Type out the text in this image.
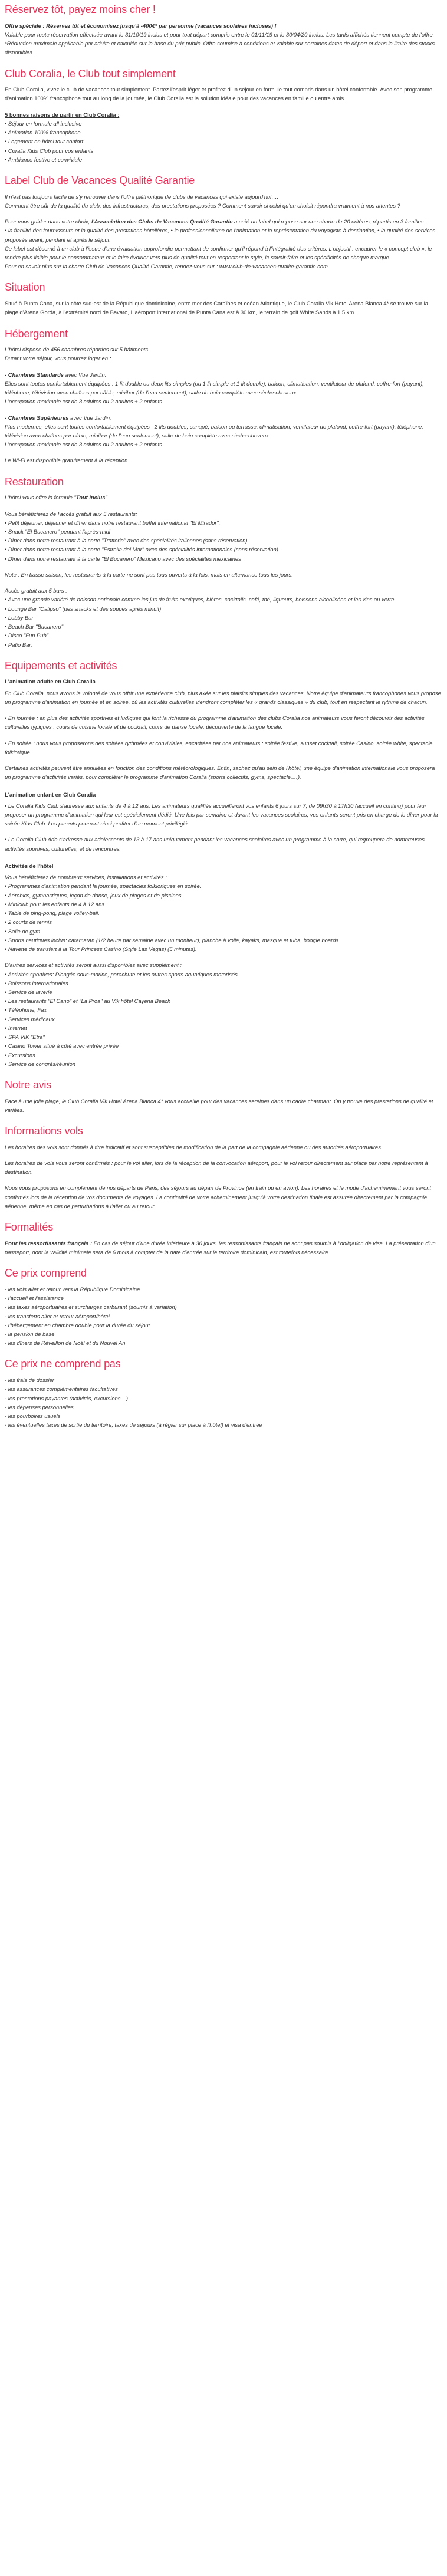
Réservez tôt, payez moins cher !

Offre spéciale : Réservez tôt et économisez jusqu'à -400€* par personne (vacances scolaires incluses) !
Valable pour toute réservation effectuée avant le 31/10/19 inclus et pour tout départ compris entre le 01/11/19 et le 30/04/20 inclus. Les tarifs affichés tiennent compte de l'offre.
*Réduction maximale applicable par adulte et calculée sur la base du prix public. Offre soumise à conditions et valable sur certaines dates de départ et dans la limite des stocks disponibles.

Club Coralia, le Club tout simplement

En Club Coralia, vivez le club de vacances tout simplement. Partez l'esprit léger et profitez d'un séjour en formule tout compris dans un hôtel confortable. Avec son programme d'animation 100% francophone tout au long de la journée, le Club Coralia est la solution idéale pour des vacances en famille ou entre amis.

5 bonnes raisons de partir en Club Coralia :
• Séjour en formule all inclusive
• Animation 100% francophone
• Logement en hôtel tout confort
• Coralia Kids Club pour vos enfants
• Ambiance festive et conviviale
Label Club de Vacances Qualité Garantie

Il n'est pas toujours facile de s'y retrouver dans l'offre pléthorique de clubs de vacances qui existe aujourd'hui….
Comment être sûr de la qualité du club, des infrastructures, des prestations proposées ? Comment savoir si celui qu'on choisit répondra vraiment à nos attentes ?

Pour vous guider dans votre choix, l'Association des Clubs de Vacances Qualité Garantie a créé un label qui repose sur une charte de 20 critères, répartis en 3 familles :
• la fiabilité des fournisseurs et la qualité des prestations hôtelières, • le professionnalisme de l'animation et la représentation du voyagiste à destination, • la qualité des services proposés avant, pendant et après le séjour.
Ce label est décerné à un club à l'issue d'une évaluation approfondie permettant de confirmer qu'il répond à l'intégralité des critères. L'objectif : encadrer le « concept club », le rendre plus lisible pour le consommateur et le faire évoluer vers plus de qualité tout en respectant le style, le savoir-faire et les spécificités de chaque marque.
Pour en savoir plus sur la charte Club de Vacances Qualité Garantie, rendez-vous sur : www.club-de-vacances-qualite-garantie.com

Situation

Situé à Punta Cana, sur la côte sud-est de la République dominicaine, entre mer des Caraïbes et océan Atlantique, le Club Coralia Vik Hotel Arena Blanca 4* se trouve sur la plage d'Arena Gorda, à l'extrémité nord de Bavaro, L'aéroport international de Punta Cana est à 30 km, le terrain de golf White Sands à 1,5 km.

Hébergement

L'hôtel dispose de 456 chambres réparties sur 5 bâtiments.
Durant votre séjour, vous pourrez loger en :

- Chambres Standards avec Vue Jardin.
Elles sont toutes confortablement équipées : 1 lit double ou deux lits simples (ou 1 lit simple et 1 lit double), balcon, climatisation, ventilateur de plafond, coffre-fort (payant), téléphone, télévision avec chaînes par câble, minibar (de l'eau seulement), salle de bain complète avec sèche-cheveux.
L'occupation maximale est de 3 adultes ou 2 adultes + 2 enfants.

- Chambres Supérieures avec Vue Jardin.
Plus modernes, elles sont toutes confortablement équipées : 2 lits doubles, canapé, balcon ou terrasse, climatisation, ventilateur de plafond, coffre-fort (payant), téléphone, télévision avec chaînes par câble, minibar (de l'eau seulement), salle de bain complète avec sèche-cheveux.
L'occupation maximale est de 3 adultes ou 2 adultes + 2 enfants.

Le Wi-Fi est disponible gratuitement à la réception.

Restauration

L'hôtel vous offre la formule "Tout inclus".

Vous bénéficierez de l'accès gratuit aux 5 restaurants:
• Petit déjeuner, déjeuner et dîner dans notre restaurant buffet international "El Mirador".
• Snack "El Bucanero" pendant l'après-midi
• Dîner dans notre restaurant à la carte "Trattoria" avec des spécialités italiennes (sans réservation).
• Dîner dans notre restaurant à la carte "Estrella del Mar" avec des spécialités internationales (sans réservation).
• Dîner dans notre restaurant à la carte "El Bucanero" Mexicano avec des spécialités mexicaines

Note : En basse saison, les restaurants à la carte ne sont pas tous ouverts à la fois, mais en alternance tous les jours.

Accès gratuit aux 5 bars :
• Avec une grande variété de boisson nationale comme les jus de fruits exotiques, bières, cocktails, café, thé, liqueurs, boissons alcoolisées et les vins au verre
• Lounge Bar "Calipso" (des snacks et des soupes après minuit)
• Lobby Bar
• Beach Bar "Bucanero"
• Disco "Fun Pub".
• Patio Bar.
Equipements et activités
L'animation adulte en Club Coralia

En Club Coralia, nous avons la volonté de vous offrir une expérience club, plus axée sur les plaisirs simples des vacances. Notre équipe d'animateurs francophones vous propose un programme d'animation en journée et en soirée, où les activités culturelles viendront compléter les « grands classiques » du club, tout en respectant le rythme de chacun.

• En journée : en plus des activités sportives et ludiques qui font la richesse du programme d'animation des clubs Coralia nos animateurs vous feront découvrir des activités culturelles typiques : cours de cuisine locale et de cocktail, cours de danse locale, découverte de la langue locale.

• En soirée : nous vous proposerons des soirées rythmées et conviviales, encadrées par nos animateurs : soirée festive, sunset cocktail, soirée Casino, soirée white, spectacle folklorique.

Certaines activités peuvent être annulées en fonction des conditions météorologiques. Enfin, sachez qu'au sein de l'hôtel, une équipe d'animation internationale vous proposera un programme d'activités variés, pour compléter le programme d'animation Coralia (sports collectifs, gyms, spectacle,…).

L'animation enfant en Club Coralia

• Le Coralia Kids Club s'adresse aux enfants de 4 à 12 ans. Les animateurs qualifiés accueilleront vos enfants 6 jours sur 7, de 09h30 à 17h30 (accueil en continu) pour leur proposer un programme d'animation qui leur est spécialement dédié. Une fois par semaine et durant les vacances scolaires, vos enfants seront pris en charge de le dîner pour la soirée Kids Club. Les parents pourront ainsi profiter d'un moment privilégié.

• Le Coralia Club Ado s'adresse aux adolescents de 13 à 17 ans uniquement pendant les vacances scolaires avec un programme à la carte, qui regroupera de nombreuses activités sportives, culturelles, et de rencontres.

Activités de l'hôtel
Vous bénéficierez de nombreux services, installations et activités :
• Programmes d'animation pendant la journée, spectacles folkloriques en soirée.
• Aérobics, gymnastiques, leçon de danse, jeux de plages et de piscines.
• Miniclub pour les enfants de 4 à 12 ans
• Table de ping-pong, plage volley-ball.
• 2 courts de tennis
• Salle de gym.
• Sports nautiques inclus: catamaran (1/2 heure par semaine avec un moniteur), planche à voile, kayaks, masque et tuba, boogie boards.
• Navette de transfert à la Tour Princess Casino (Style Las Vegas) (5 minutes).
D'autres services et activités seront aussi disponibles avec supplément :
• Activités sportives: Plongée sous-marine, parachute et les autres sports aquatiques motorisés
• Boissons internationales
• Service de laverie
• Les restaurants "El Cano" et "La Proa" au Vik hôtel Cayena Beach
• Téléphone, Fax
• Services médicaux
• Internet
• SPA VIK "Etra"
• Casino Tower situé à côté avec entrée privée
• Excursions
• Service de congrès/réunion
Notre avis

Face à une jolie plage, le Club Coralia Vik Hotel Arena Blanca 4* vous accueille pour des vacances sereines dans un cadre charmant. On y trouve des prestations de qualité et variées.

Informations vols

Les horaires des vols sont donnés à titre indicatif et sont susceptibles de modification de la part de la compagnie aérienne ou des autorités aéroportuaires.

Les horaires de vols vous seront confirmés : pour le vol aller, lors de la réception de la convocation aéroport, pour le vol retour directement sur place par notre représentant à destination.

Nous vous proposons en complément de nos départs de Paris, des séjours au départ de Province (en train ou en avion). Les horaires et le mode d'acheminement vous seront confirmés lors de la réception de vos documents de voyages. La continuité de votre acheminement jusqu'à votre destination finale est assurée directement par la compagnie aérienne, même en cas de perturbations à l'aller ou au retour.

Formalités

Pour les ressortissants français : En cas de séjour d'une durée inférieure à 30 jours, les ressortissants français ne sont pas soumis à l'obligation de visa. La présentation d'un passeport, dont la validité minimale sera de 6 mois à compter de la date d'entrée sur le territoire dominicain, est toutefois nécessaire.

Ce prix comprend
- les vols aller et retour vers la République Dominicaine
- l'accueil et l'assistance
- les taxes aéroportuaires et surcharges carburant (soumis à variation)
- les transferts aller et retour aéroport/hôtel
- l'hébergement en chambre double pour la durée du séjour
- la pension de base
- les dîners de Réveillon de Noël et du Nouvel An
Ce prix ne comprend pas
- les frais de dossier
- les assurances complémentaires facultatives
- les prestations payantes (activités, excursions…)
- les dépenses personnelles
- les pourboires usuels
- les éventuelles taxes de sortie du territoire, taxes de séjours (à régler sur place à l'hôtel) et visa d'entrée
